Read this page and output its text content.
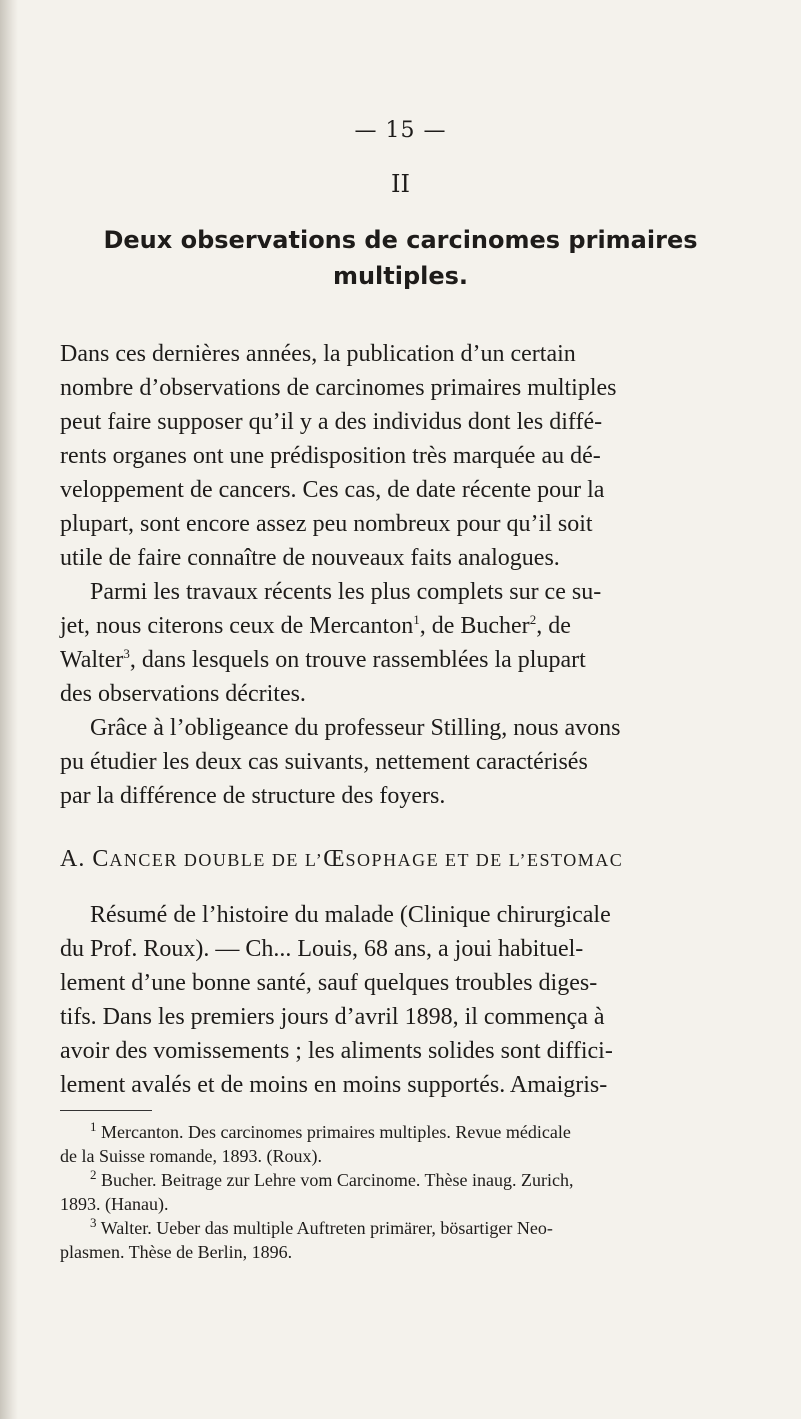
— 15 —
II
Deux observations de carcinomes primaires
multiples.
Dans ces dernières années, la publication d’un certain
nombre d’observations de carcinomes primaires multiples
peut faire supposer qu’il y a des individus dont les diffé-
rents organes ont une prédisposition très marquée au dé-
veloppement de cancers. Ces cas, de date récente pour la
plupart, sont encore assez peu nombreux pour qu’il soit
utile de faire connaître de nouveaux faits analogues.
Parmi les travaux récents les plus complets sur ce su-
jet, nous citerons ceux de Mercanton$^1$, de Bucher$^2$, de
Walter$^3$, dans lesquels on trouve rassemblées la plupart
des observations décrites.
Grâce à l’obligeance du professeur Stilling, nous avons
pu étudier les deux cas suivants, nettement caractérisés
par la différence de structure des foyers.
A. CANCER DOUBLE DE L’ŒSOPHAGE ET DE L’ESTOMAC
Résumé de l’histoire du malade (Clinique chirurgicale
du Prof. Roux). — Ch... Louis, 68 ans, a joui habituel-
lement d’une bonne santé, sauf quelques troubles diges-
tifs. Dans les premiers jours d’avril 1898, il commença à
avoir des vomissements ; les aliments solides sont diffici-
lement avalés et de moins en moins supportés. Amaigris-
$^1$ Mercanton. Des carcinomes primaires multiples. Revue médicale
de la Suisse romande, 1893. (Roux).
$^2$ Bucher. Beitrage zur Lehre vom Carcinome. Thèse inaug. Zurich,
1893. (Hanau).
$^3$ Walter. Ueber das multiple Auftreten primärer, bösartiger Neo-
plasmen. Thèse de Berlin, 1896.
